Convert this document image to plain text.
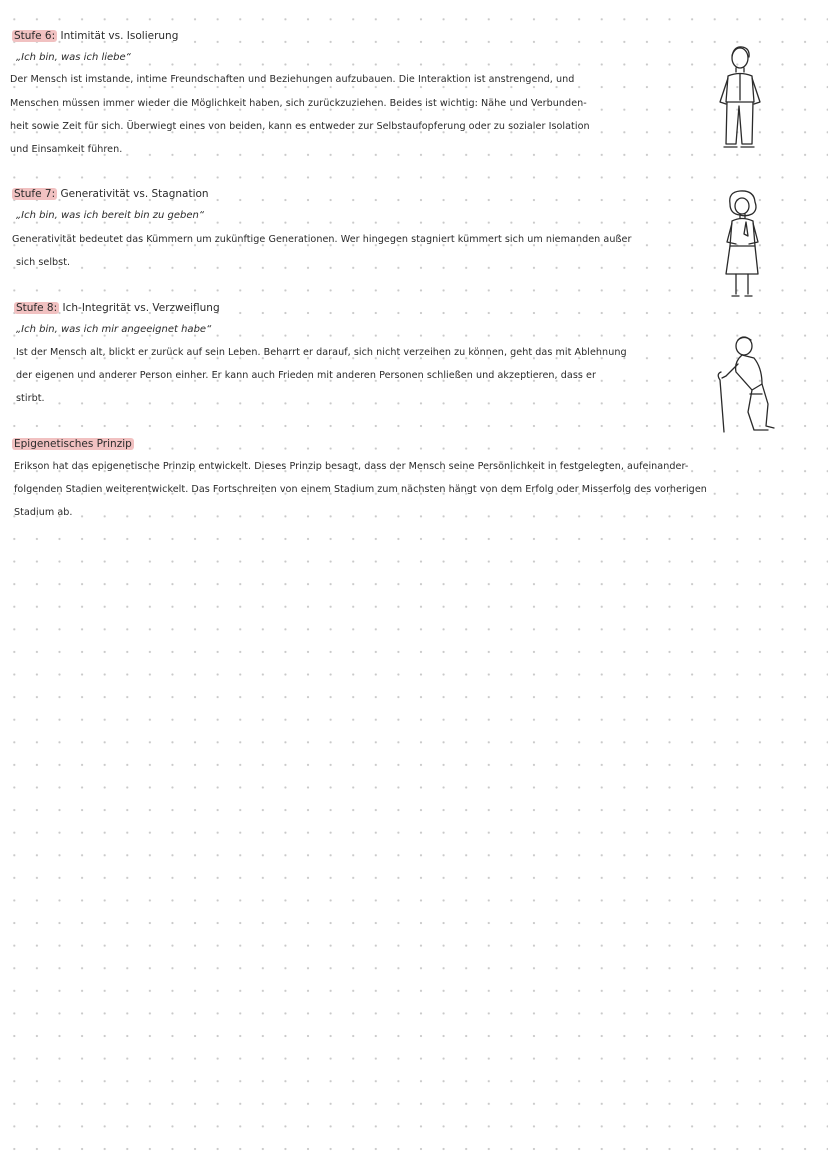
Stufe 6: Intimität vs. Isolierung
„Ich bin, was ich liebe“
Der Mensch ist imstande, intime Freundschaften und Beziehungen aufzubauen. Die Interaktion ist anstrengend, und
Menschen müssen immer wieder die Möglichkeit haben, sich zurückzuziehen. Beides ist wichtig: Nähe und Verbunden-
heit sowie Zeit für sich. Überwiegt eines von beiden, kann es entweder zur Selbstaufopferung oder zu sozialer Isolation
und Einsamkeit führen.
Stufe 7: Generativität vs. Stagnation
„Ich bin, was ich bereit bin zu geben“
Generativität bedeutet das Kümmern um zukünftige Generationen. Wer hingegen stagniert kümmert sich um niemanden außer
sich selbst.
Stufe 8: Ich-Integrität vs. Verzweiflung
„Ich bin, was ich mir angeeignet habe“
Ist der Mensch alt, blickt er zurück auf sein Leben. Beharrt er darauf, sich nicht verzeihen zu können, geht das mit Ablehnung
der eigenen und anderer Person einher. Er kann auch Frieden mit anderen Personen schließen und akzeptieren, dass er
stirbt.
Epigenetisches Prinzip
Erikson hat das epigenetische Prinzip entwickelt. Dieses Prinzip besagt, dass der Mensch seine Persönlichkeit in festgelegten, aufeinander-
folgenden Stadien weiterentwickelt. Das Fortschreiten von einem Stadium zum nächsten hängt von dem Erfolg oder Misserfolg des vorherigen
Stadium ab.
